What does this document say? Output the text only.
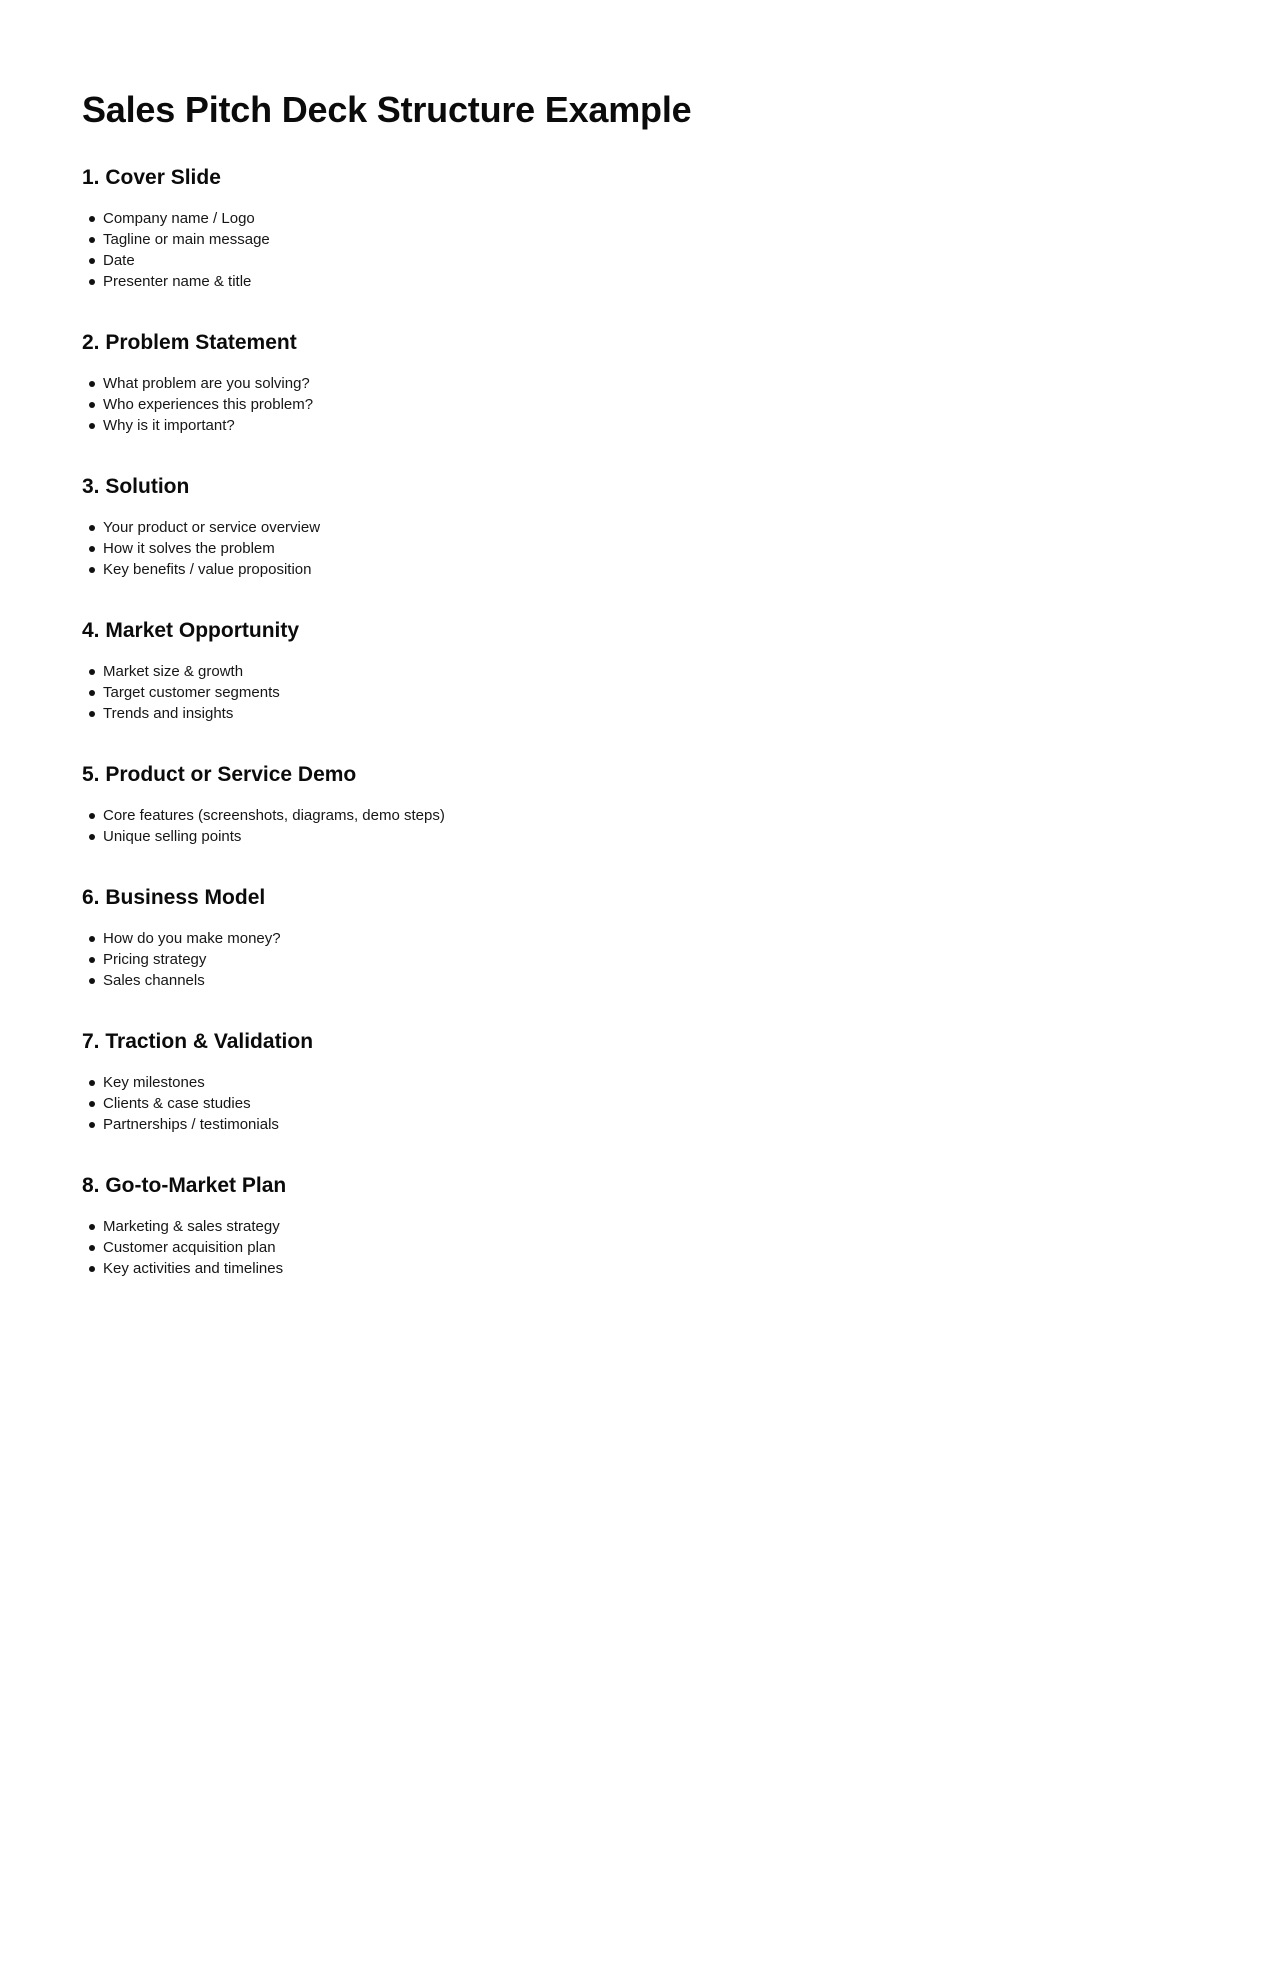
Sales Pitch Deck Structure Example
1. Cover Slide
Company name / Logo
Tagline or main message
Date
Presenter name & title
2. Problem Statement
What problem are you solving?
Who experiences this problem?
Why is it important?
3. Solution
Your product or service overview
How it solves the problem
Key benefits / value proposition
4. Market Opportunity
Market size & growth
Target customer segments
Trends and insights
5. Product or Service Demo
Core features (screenshots, diagrams, demo steps)
Unique selling points
6. Business Model
How do you make money?
Pricing strategy
Sales channels
7. Traction & Validation
Key milestones
Clients & case studies
Partnerships / testimonials
8. Go-to-Market Plan
Marketing & sales strategy
Customer acquisition plan
Key activities and timelines
